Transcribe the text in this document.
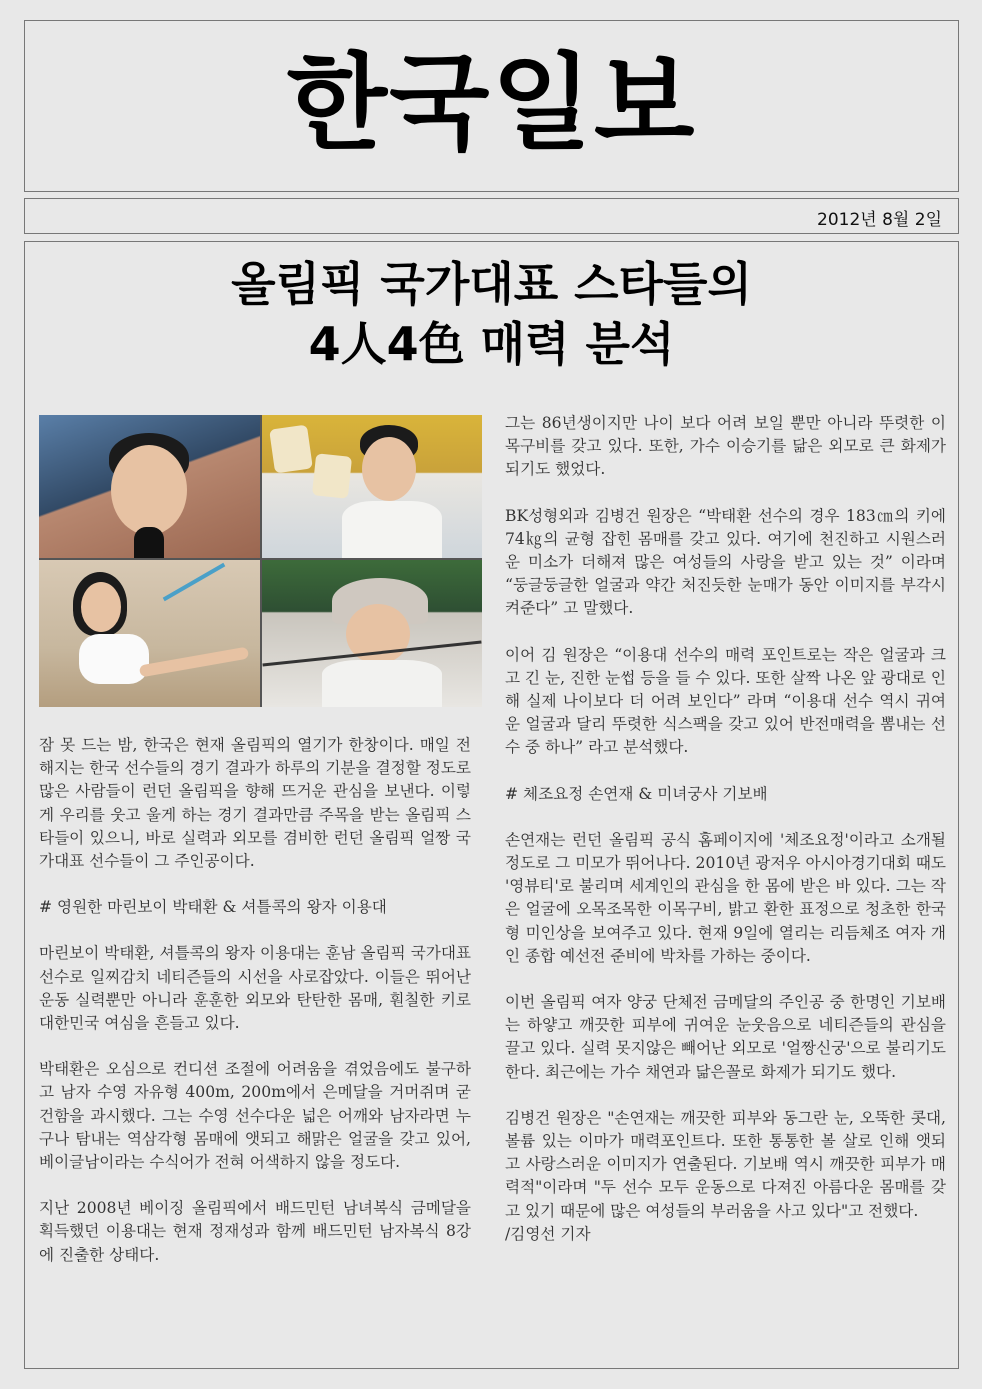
한국일보
2012년 8월 2일
올림픽 국가대표 스타들의
4人4色 매력 분석

잠 못 드는 밤, 한국은 현재 올림픽의 열기가 한창이다. 매일 전해지는 한국 선수들의 경기 결과가 하루의 기분을 결정할 정도로 많은 사람들이 런던 올림픽을 향해 뜨거운 관심을 보낸다. 이렇게 우리를 웃고 울게 하는 경기 결과만큼 주목을 받는 올림픽 스타들이 있으니, 바로 실력과 외모를 겸비한 런던 올림픽 얼짱 국가대표 선수들이 그 주인공이다.

# 영원한 마린보이 박태환 & 셔틀콕의 왕자 이용대

마린보이 박태환, 셔틀콕의 왕자 이용대는 훈남 올림픽 국가대표 선수로 일찌감치 네티즌들의 시선을 사로잡았다. 이들은 뛰어난 운동 실력뿐만 아니라 훈훈한 외모와 탄탄한 몸매, 훤칠한 키로 대한민국 여심을 흔들고 있다.

박태환은 오심으로 컨디션 조절에 어려움을 겪었음에도 불구하고 남자 수영 자유형 400m, 200m에서 은메달을 거머쥐며 굳건함을 과시했다. 그는 수영 선수다운 넓은 어깨와 남자라면 누구나 탐내는 역삼각형 몸매에 앳되고 해맑은 얼굴을 갖고 있어, 베이글남이라는 수식어가 전혀 어색하지 않을 정도다.

지난 2008년 베이징 올림픽에서 배드민턴 남녀복식 금메달을 획득했던 이용대는 현재 정재성과 함께 배드민턴 남자복식 8강에 진출한 상태다.

그는 86년생이지만 나이 보다 어려 보일 뿐만 아니라 뚜렷한 이목구비를 갖고 있다. 또한, 가수 이승기를 닮은 외모로 큰 화제가 되기도 했었다.

BK성형외과 김병건 원장은 “박태환 선수의 경우 183㎝의 키에 74㎏의 균형 잡힌 몸매를 갖고 있다. 여기에 천진하고 시원스러운 미소가 더해져 많은 여성들의 사랑을 받고 있는 것” 이라며 “둥글둥글한 얼굴과 약간 처진듯한 눈매가 동안 이미지를 부각시켜준다” 고 말했다.

이어 김 원장은 “이용대 선수의 매력 포인트로는 작은 얼굴과 크고 긴 눈, 진한 눈썹 등을 들 수 있다. 또한 살짝 나온 앞 광대로 인해 실제 나이보다 더 어려 보인다” 라며 “이용대 선수 역시 귀여운 얼굴과 달리 뚜렷한 식스팩을 갖고 있어 반전매력을 뽐내는 선수 중 하나” 라고 분석했다.

# 체조요정 손연재 & 미녀궁사 기보배

손연재는 런던 올림픽 공식 홈페이지에 '체조요정'이라고 소개될 정도로 그 미모가 뛰어나다. 2010년 광저우 아시아경기대회 때도 '영뷰티'로 불리며 세계인의 관심을 한 몸에 받은 바 있다. 그는 작은 얼굴에 오목조목한 이목구비, 밝고 환한 표정으로 청초한 한국형 미인상을 보여주고 있다. 현재 9일에 열리는 리듬체조 여자 개인 종합 예선전 준비에 박차를 가하는 중이다.

이번 올림픽 여자 양궁 단체전 금메달의 주인공 중 한명인 기보배는 하얗고 깨끗한 피부에 귀여운 눈웃음으로 네티즌들의 관심을 끌고 있다. 실력 못지않은 빼어난 외모로 '얼짱신궁'으로 불리기도 한다. 최근에는 가수 채연과 닮은꼴로 화제가 되기도 했다.

김병건 원장은 "손연재는 깨끗한 피부와 동그란 눈, 오뚝한 콧대, 볼륨 있는 이마가 매력포인트다. 또한 통통한 볼 살로 인해 앳되고 사랑스러운 이미지가 연출된다. 기보배 역시 깨끗한 피부가 매력적"이라며 "두 선수 모두 운동으로 다져진 아름다운 몸매를 갖고 있기 때문에 많은 여성들의 부러움을 사고 있다"고 전했다.

/김영선 기자
